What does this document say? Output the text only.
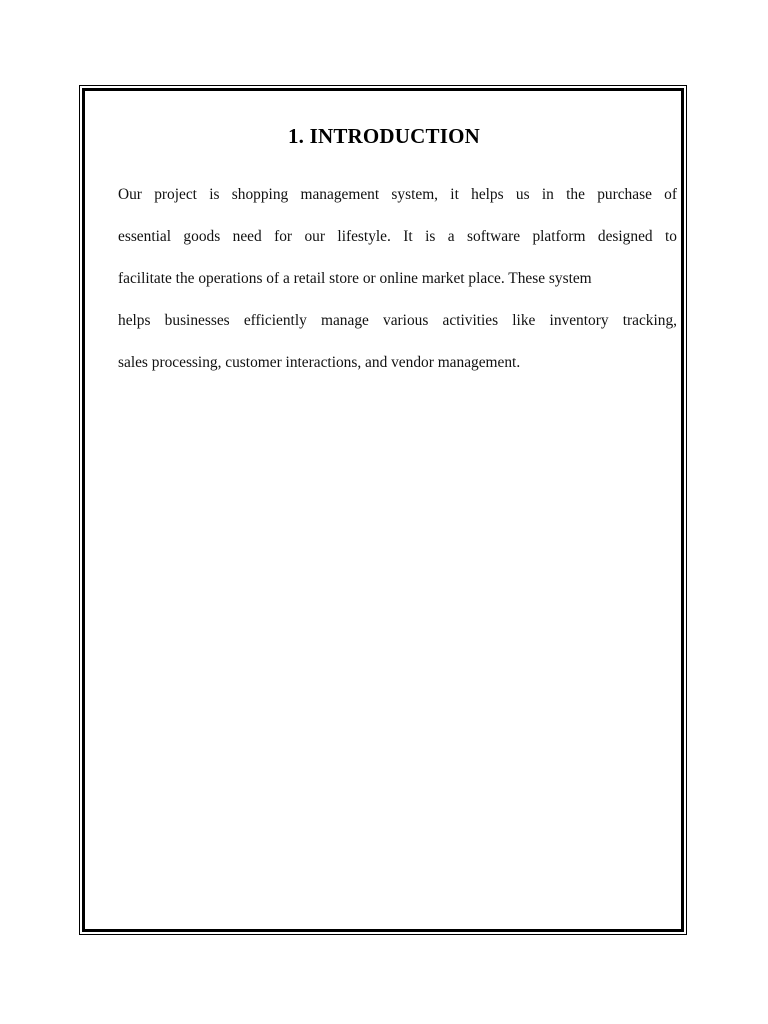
1. INTRODUCTION
Our project is shopping management system, it helps us in the purchase of
essential goods need for our lifestyle. It is a software platform designed to
facilitate the operations of a retail store or online market place. These system
helps businesses efficiently manage various activities like inventory tracking,
sales processing, customer interactions, and vendor management.
